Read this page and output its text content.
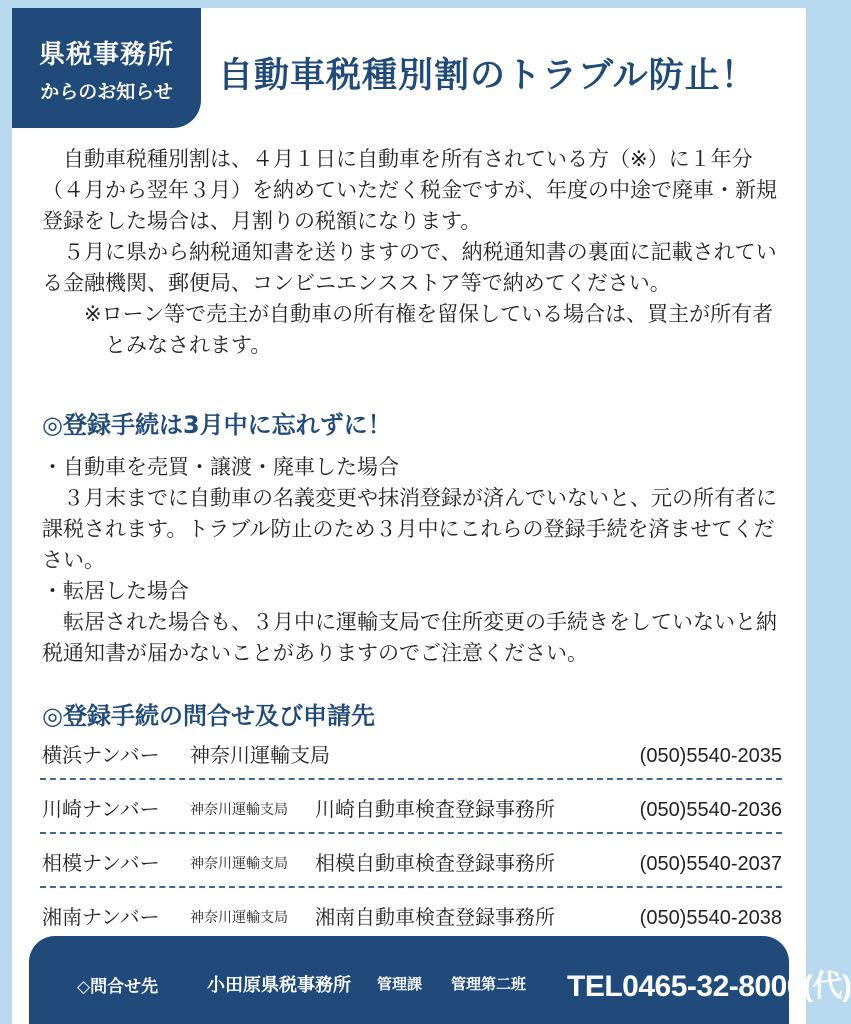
県税事務所
からのお知らせ	自動車税種別割のトラブル防止！

自動車税種別割は、４月１日に自動車を所有されている方（※）に１年分（４月から翌年３月）を納めていただく税金ですが、年度の中途で廃車・新規登録をした場合は、月割りの税額になります。

５月に県から納税通知書を送りますので、納税通知書の裏面に記載されている金融機関、郵便局、コンビニエンスストア等で納めてください。

※ローン等で売主が自動車の所有権を留保している場合は、買主が所有者とみなされます。

◎登録手続は3月中に忘れずに！

・自動車を売買・譲渡・廃車した場合

３月末までに自動車の名義変更や抹消登録が済んでいないと、元の所有者に課税されます。トラブル防止のため３月中にこれらの登録手続を済ませてください。

・転居した場合

転居された場合も、３月中に運輸支局で住所変更の手続きをしていないと納税通知書が届かないことがありますのでご注意ください。

◎登録手続の問合せ及び申請先
横浜ナンバー 神奈川運輸支局	(050)5540-2035
川崎ナンバー 神奈川運輸支局 川崎自動車検査登録事務所	(050)5540-2036
相模ナンバー 神奈川運輸支局 相模自動車検査登録事務所	(050)5540-2037
湘南ナンバー 神奈川運輸支局 湘南自動車検査登録事務所	(050)5540-2038
◇問合せ先	小田原県税事務所 管理課 管理第二班 TEL0465-32-8000(代)
